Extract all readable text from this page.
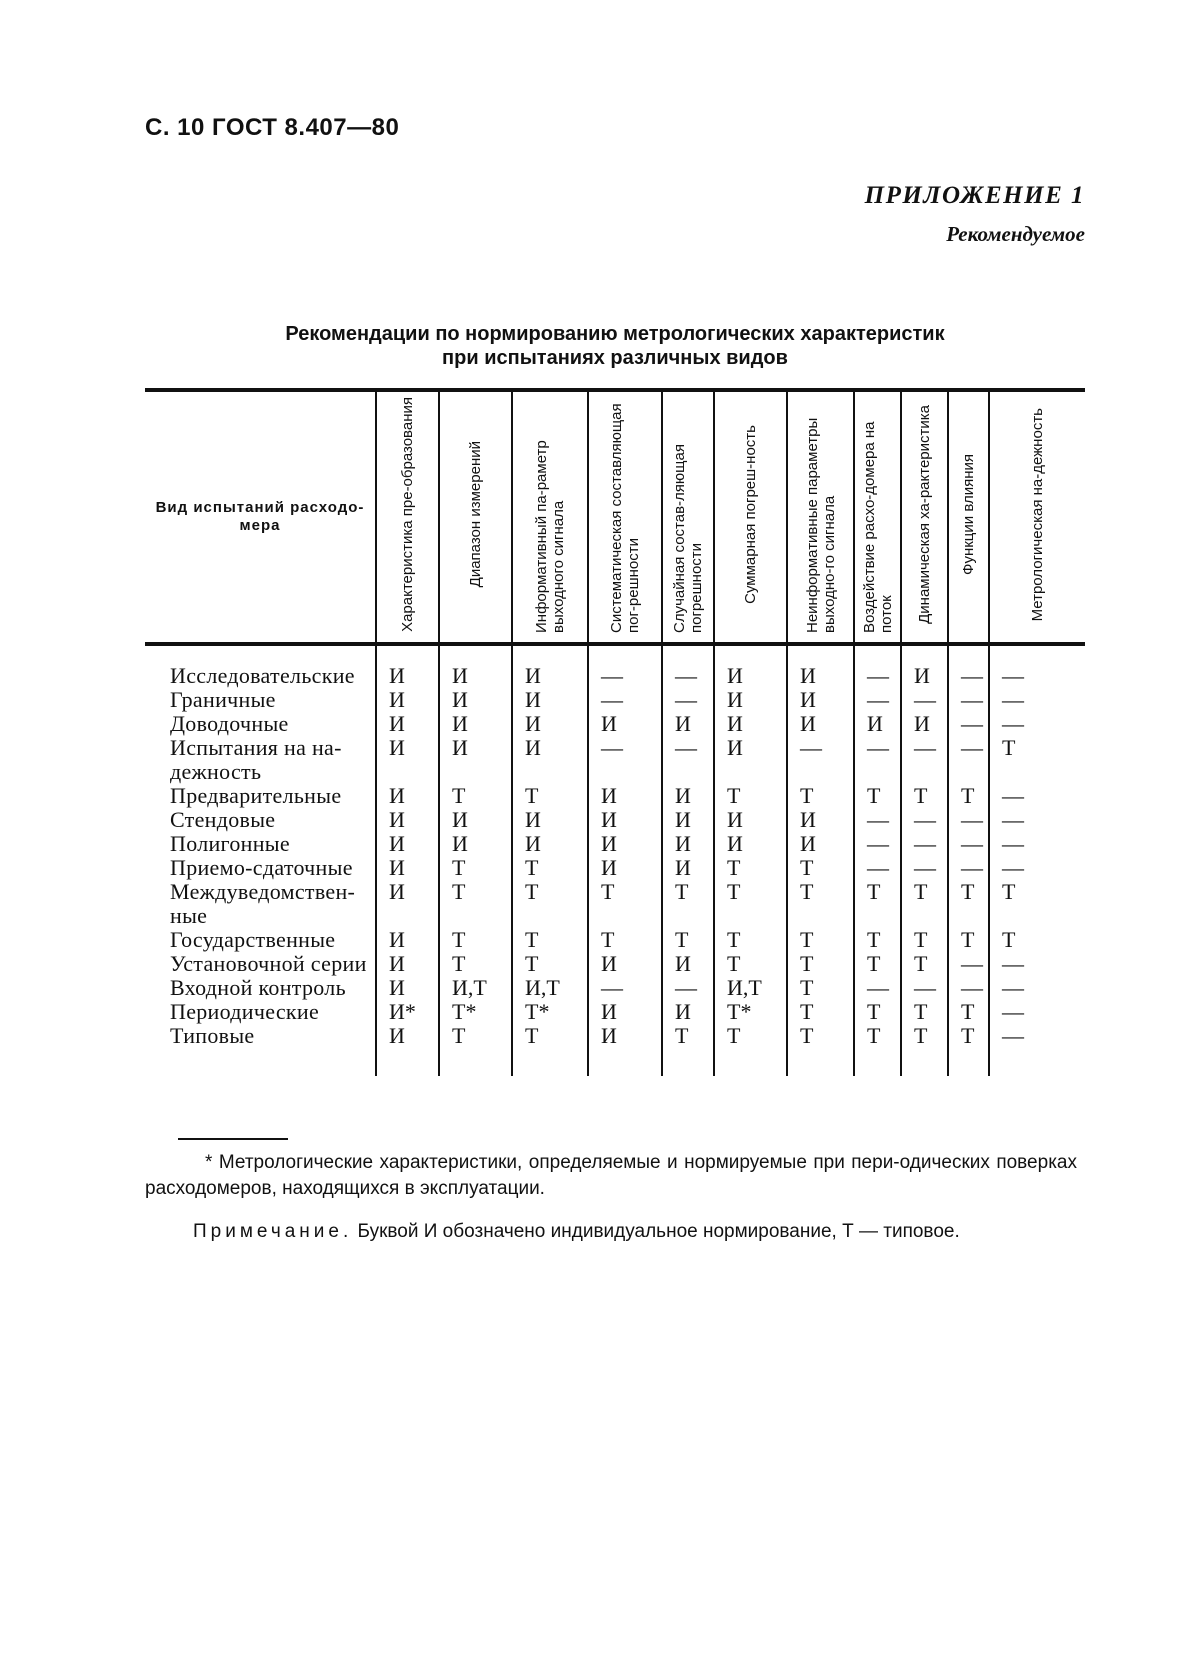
С. 10 ГОСТ 8.407—80
ПРИЛОЖЕНИЕ 1
Рекомендуемое
Рекомендации по нормированию метрологических характеристик
при испытаниях различных видов
Вид испытаний расходо-мера	Характеристика пре-образования	Диапазон измерений	Информативный па-раметр выходного сигнала	Систематическая составляющая пог-решности	Случайная состав-ляющая погрешности	Суммарная погреш-ность	Неинформативные параметры выходно-го сигнала	Воздействие расхо-домера на поток	Динамическая ха-рактеристика	Функции влияния	Метрологическая на-дежность
Исследовательские	И	И	И	—	—	И	И	—	И	—	—
Граничные	И	И	И	—	—	И	И	—	—	—	—
Доводочные	И	И	И	И	И	И	И	И	И	—	—
Испытания на на-дежность	И	И	И	—	—	И	—	—	—	—	Т
Предварительные	И	Т	Т	И	И	Т	Т	Т	Т	Т	—
Стендовые	И	И	И	И	И	И	И	—	—	—	—
Полигонные	И	И	И	И	И	И	И	—	—	—	—
Приемо-сдаточные	И	Т	Т	И	И	Т	Т	—	—	—	—
Междуведомствен-ные	И	Т	Т	Т	Т	Т	Т	Т	Т	Т	Т
Государственные	И	Т	Т	Т	Т	Т	Т	Т	Т	Т	Т
Установочной серии	И	Т	Т	И	И	Т	Т	Т	Т	—	—
Входной контроль	И	И,Т	И,Т	—	—	И,Т	Т	—	—	—	—
Периодические	И*	Т*	Т*	И	И	Т*	Т	Т	Т	Т	—
Типовые	И	Т	Т	И	Т	Т	Т	Т	Т	Т	—
* Метрологические характеристики, определяемые и нормируемые при пери-одических поверках расходомеров, находящихся в эксплуатации.
Примечание. Буквой И обозначено индивидуальное нормирование, Т — типовое.
